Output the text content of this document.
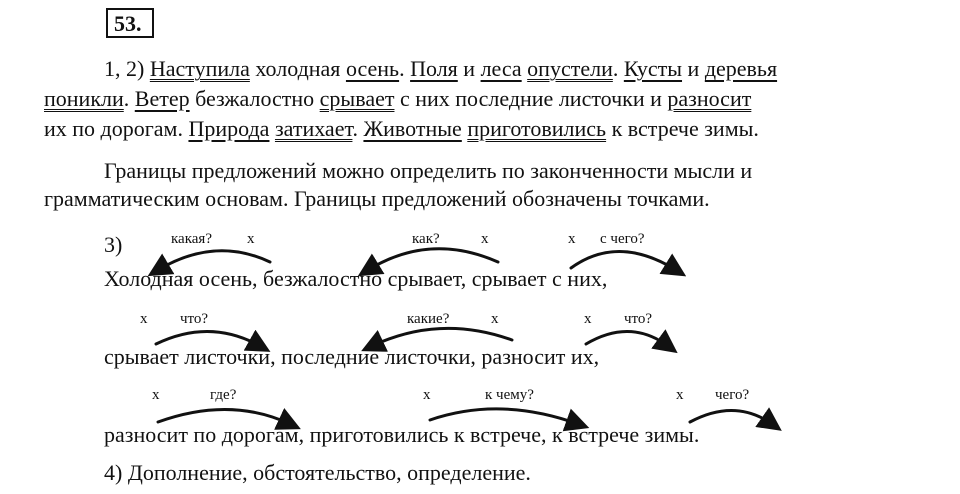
53.
1, 2) Наступила холодная осень. Поля и леса опустели. Кусты и деревья
поникли. Ветер безжалостно срывает с них последние листочки и разносит
их по дорогам. Природа затихает. Животные приготовились к встрече зимы.
Границы предложений можно определить по законченности мысли и
грамматическим основам. Границы предложений обозначены точками.
3)	какая? х	как?	х	х с чего?
Холодная осень, безжалостно срывает, срывает с них,
х что?	какие?	х	х что?
срывает листочки, последние листочки, разносит их,
х	где?	х	к чему?	х чего?
разносит по дорогам, приготовились к встрече, к встрече зимы.
4) Дополнение, обстоятельство, определение.
